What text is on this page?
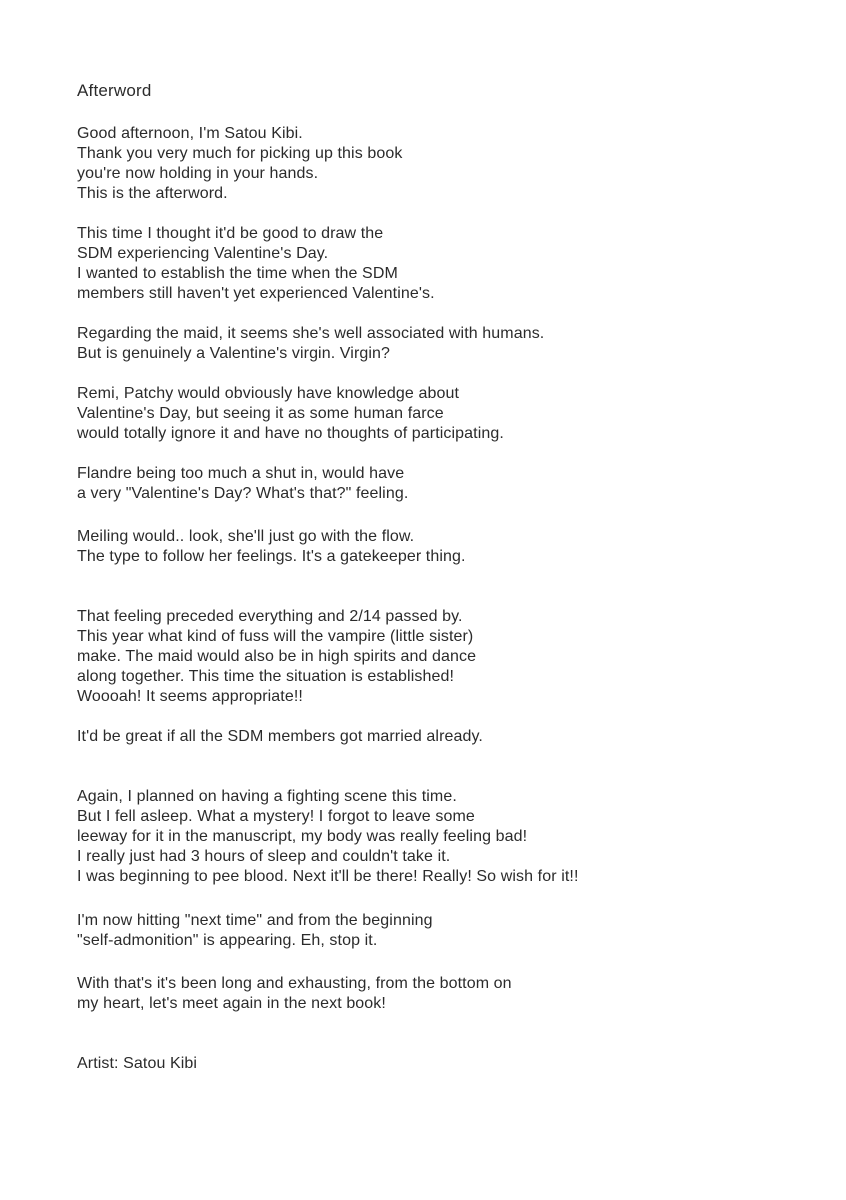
Afterword
Good afternoon, I'm Satou Kibi.
Thank you very much for picking up this book
you're now holding in your hands.
This is the afterword.
This time I thought it'd be good to draw the
SDM experiencing Valentine's Day.
I wanted to establish the time when the SDM
members still haven't yet experienced Valentine's.
Regarding the maid, it seems she's well associated with humans.
But is genuinely a Valentine's virgin. Virgin?
Remi, Patchy would obviously have knowledge about
Valentine's Day, but seeing it as some human farce
would totally ignore it and have no thoughts of participating.
Flandre being too much a shut in, would have
a very "Valentine's Day? What's that?" feeling.
Meiling would.. look, she'll just go with the flow.
The type to follow her feelings. It's a gatekeeper thing.
That feeling preceded everything and 2/14 passed by.
This year what kind of fuss will the vampire (little sister)
make. The maid would also be in high spirits and dance
along together. This time the situation is established!
Woooah! It seems appropriate!!
It'd be great if all the SDM members got married already.
Again, I planned on having a fighting scene this time.
But I fell asleep. What a mystery! I forgot to leave some
leeway for it in the manuscript, my body was really feeling bad!
I really just had 3 hours of sleep and couldn't take it.
I was beginning to pee blood. Next it'll be there! Really! So wish for it!!
I'm now hitting "next time" and from the beginning
"self-admonition" is appearing. Eh, stop it.
With that's it's been long and exhausting, from the bottom on
my heart, let's meet again in the next book!
Artist: Satou Kibi
